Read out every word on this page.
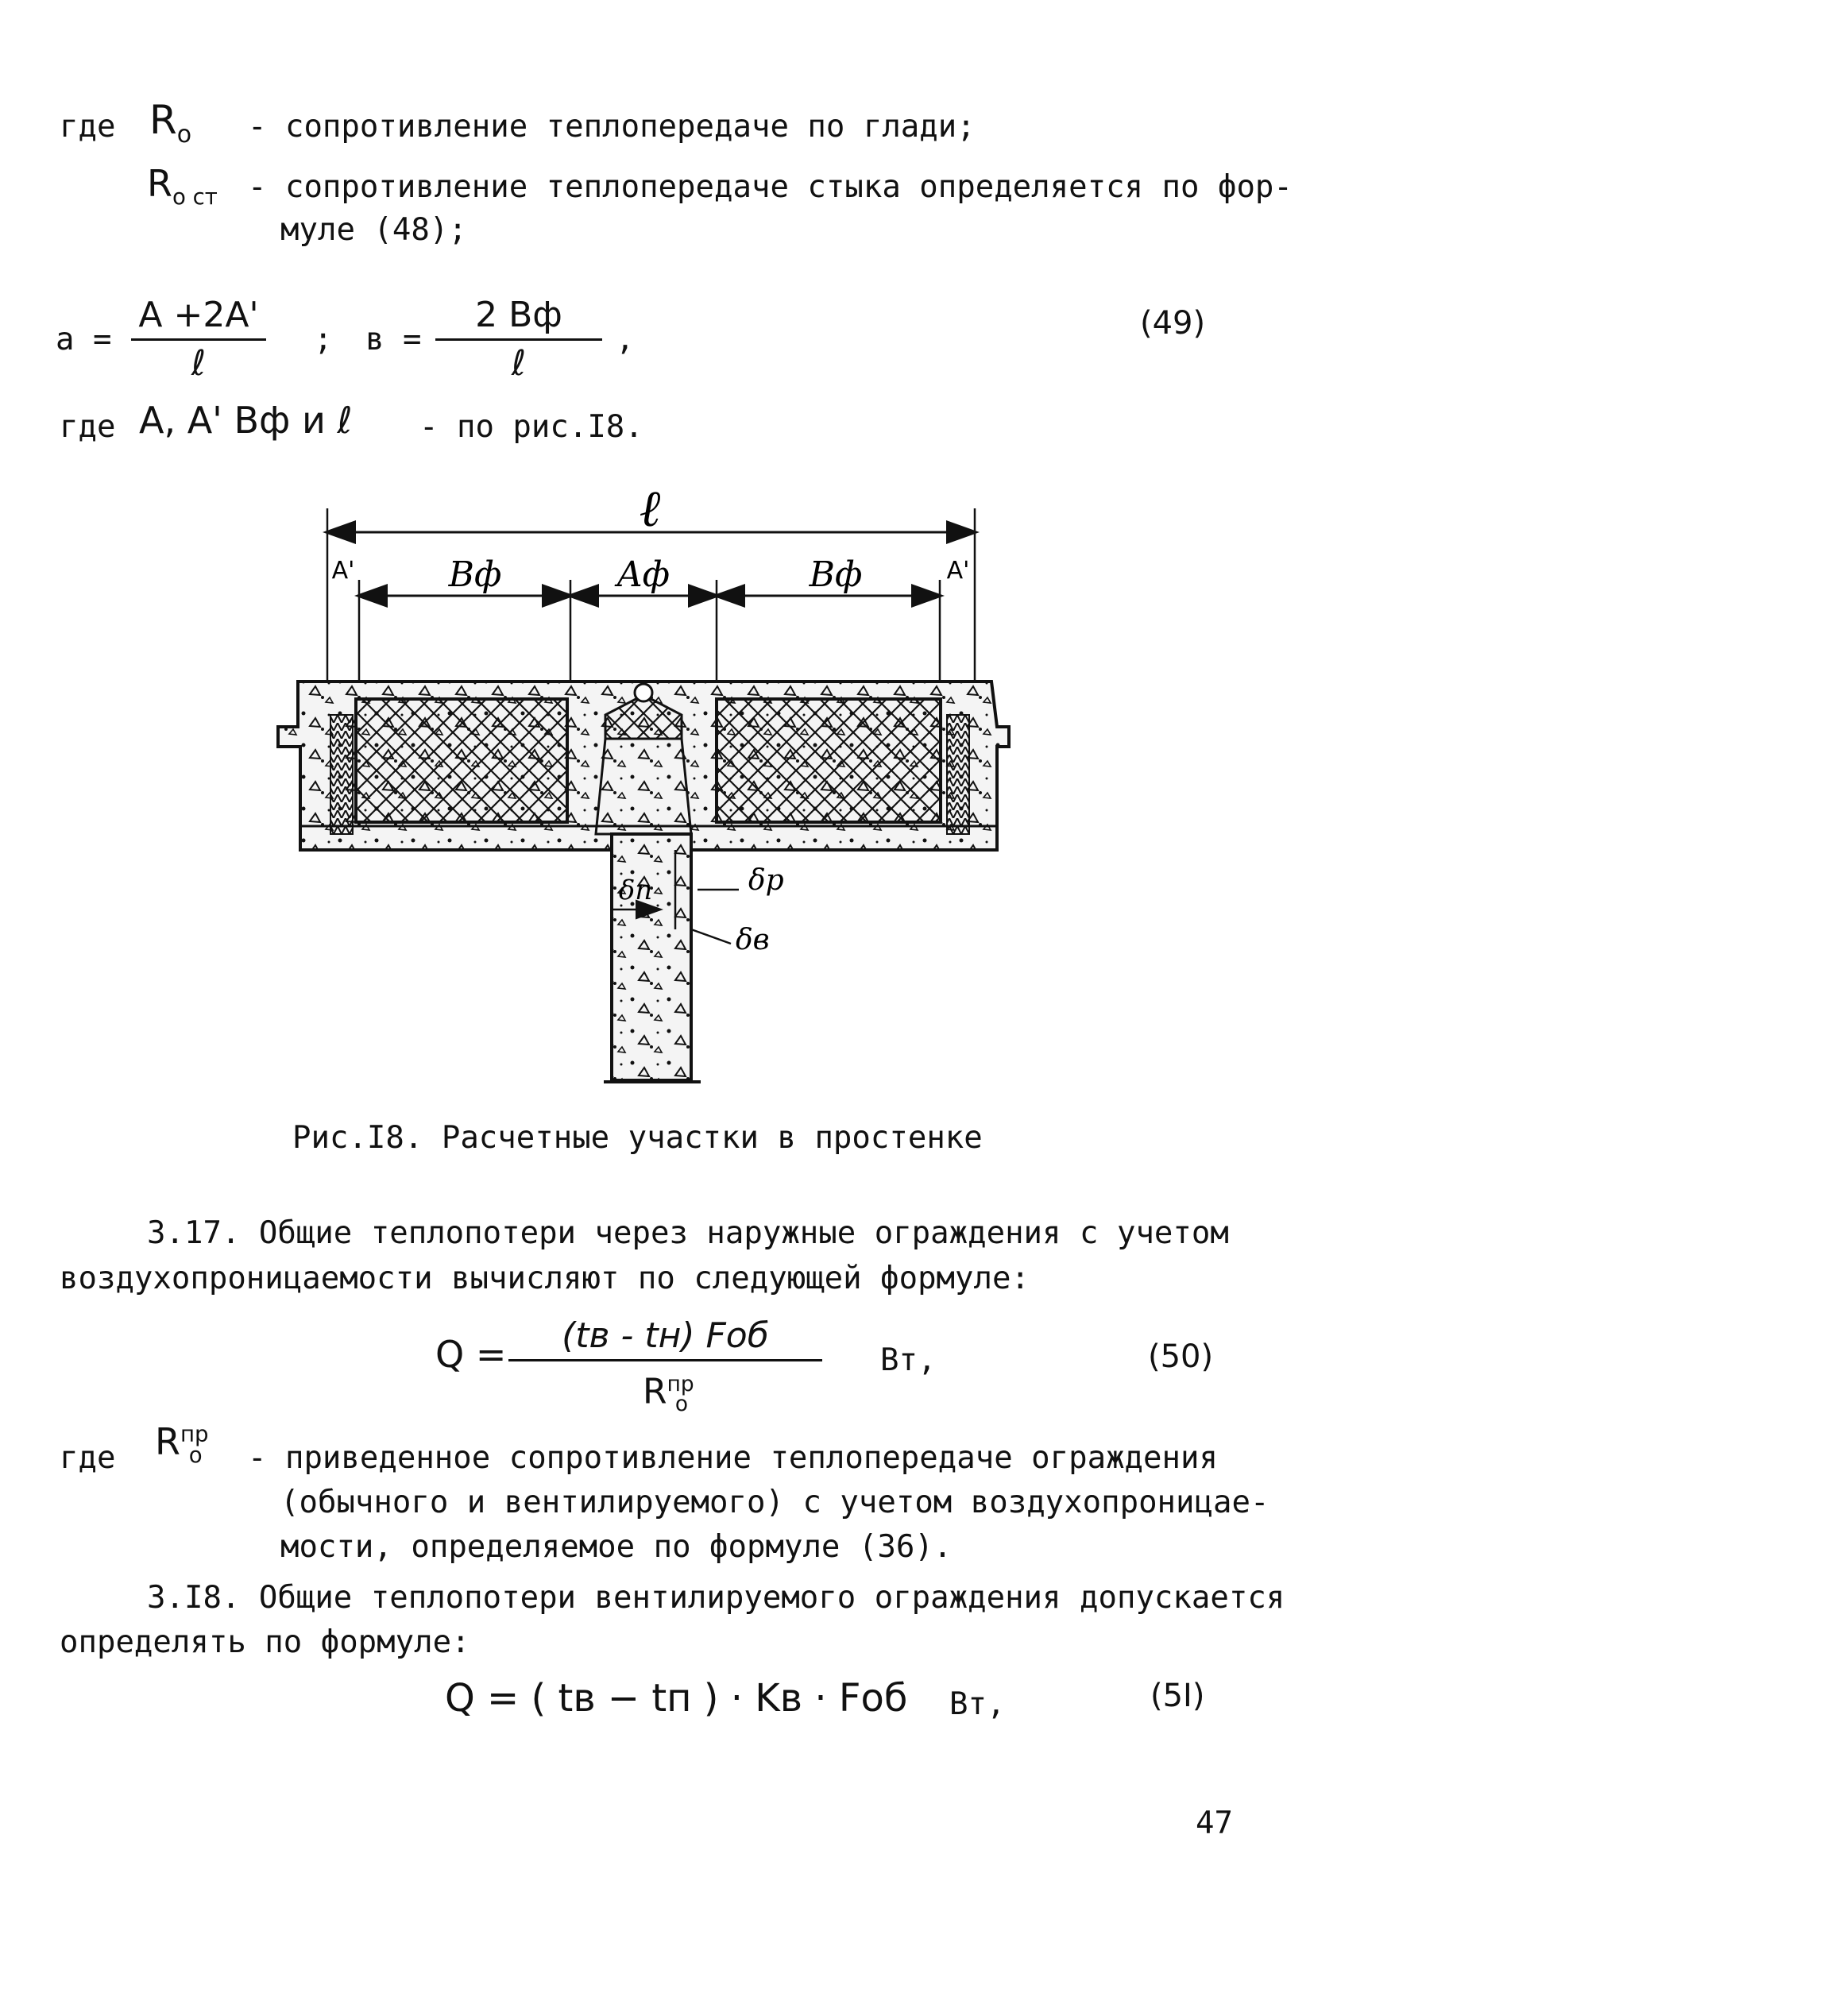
где $R_o$ - сопротивление теплопередаче по глади;
$R_{o ст}$ - сопротивление теплопередаче стыка определяется по фор-
муле (48);
а =
A +2A'
ℓ
; в =
2 Bф
ℓ
,	(49)
где A, A' Bф и ℓ - по рис.I8.
ℓ
A'	Bф	Aф	Bф	A'
δп	δр
δв
Рис.I8. Расчетные участки в простенке
3.17. Общие теплопотери через наружные ограждения с учетом
воздухопроницаемости вычисляют по следующей формуле:
Q =	(tв - tн) Fоб
$R^{пр}_o$
Вт,	(50)
где $R^{пр}_o$ - приведенное сопротивление теплопередаче ограждения
(обычного и вентилируемого) с учетом воздухопроницае-
мости, определяемое по формуле (36).
3.I8. Общие теплопотери вентилируемого ограждения допускается
определять по формуле:
Q = ( tв − tп ) · Kв · Fоб Вт,	(5I)
47
